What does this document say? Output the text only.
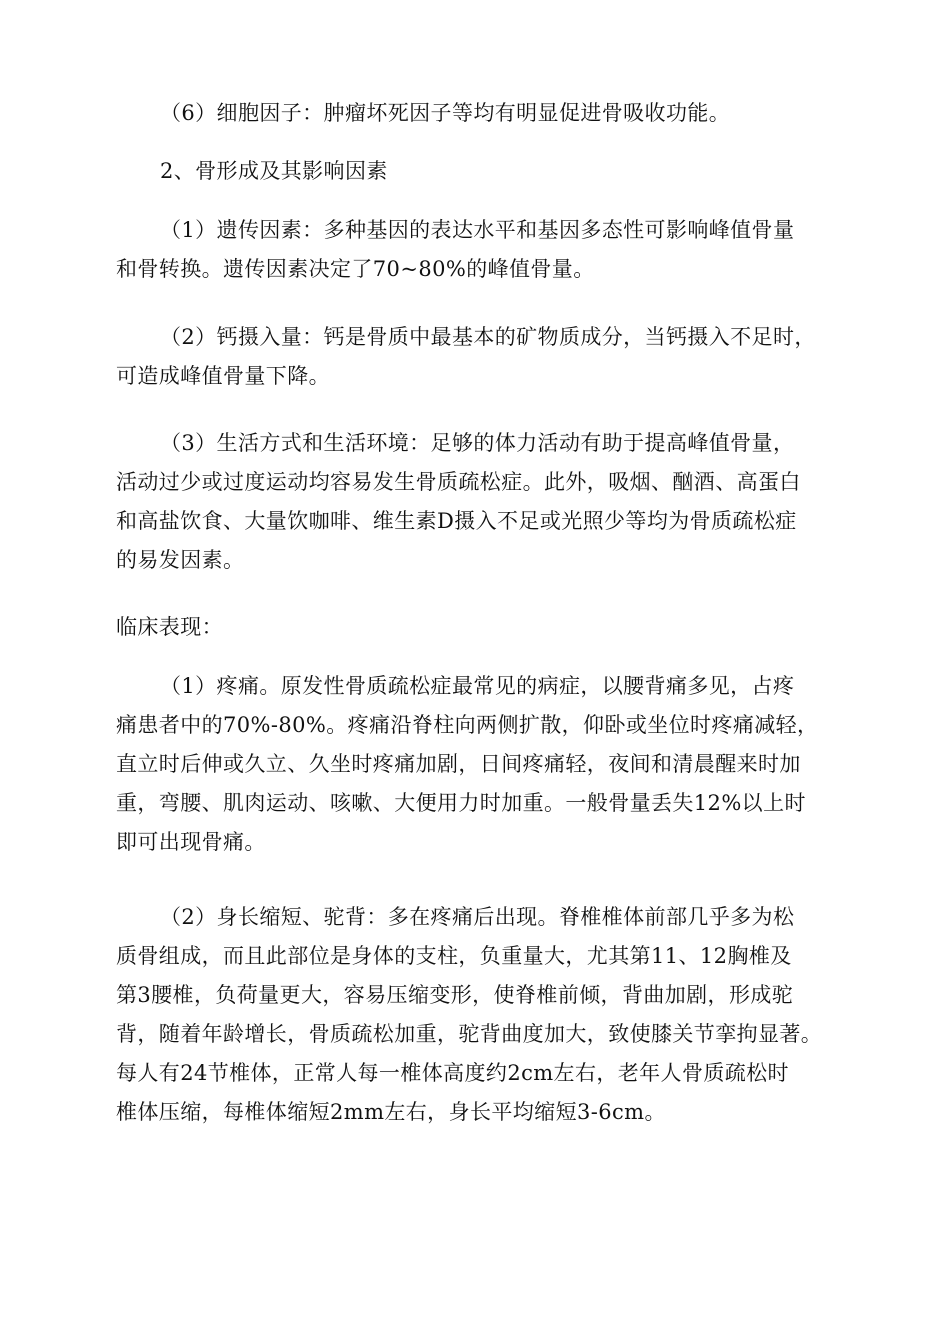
（6）细胞因子：肿瘤坏死因子等均有明显促进骨吸收功能。

2、骨形成及其影响因素

（1）遗传因素：多种基因的表达水平和基因多态性可影响峰值骨量
和骨转换。遗传因素决定了70~80%的峰值骨量。

（2）钙摄入量：钙是骨质中最基本的矿物质成分，当钙摄入不足时，
可造成峰值骨量下降。

（3）生活方式和生活环境：足够的体力活动有助于提高峰值骨量，
活动过少或过度运动均容易发生骨质疏松症。此外，吸烟、酗酒、高蛋白
和高盐饮食、大量饮咖啡、维生素D摄入不足或光照少等均为骨质疏松症
的易发因素。

临床表现：

（1）疼痛。原发性骨质疏松症最常见的病症，以腰背痛多见，占疼
痛患者中的70%-80%。疼痛沿脊柱向两侧扩散，仰卧或坐位时疼痛减轻，
直立时后伸或久立、久坐时疼痛加剧，日间疼痛轻，夜间和清晨醒来时加
重，弯腰、肌肉运动、咳嗽、大便用力时加重。一般骨量丢失12%以上时
即可出现骨痛。

（2）身长缩短、驼背：多在疼痛后出现。脊椎椎体前部几乎多为松
质骨组成，而且此部位是身体的支柱，负重量大，尤其第11、12胸椎及
第3腰椎，负荷量更大，容易压缩变形，使脊椎前倾，背曲加剧，形成驼
背，随着年龄增长，骨质疏松加重，驼背曲度加大，致使膝关节挛拘显著。
每人有24节椎体，正常人每一椎体高度约2cm左右，老年人骨质疏松时
椎体压缩，每椎体缩短2mm左右，身长平均缩短3-6cm。
